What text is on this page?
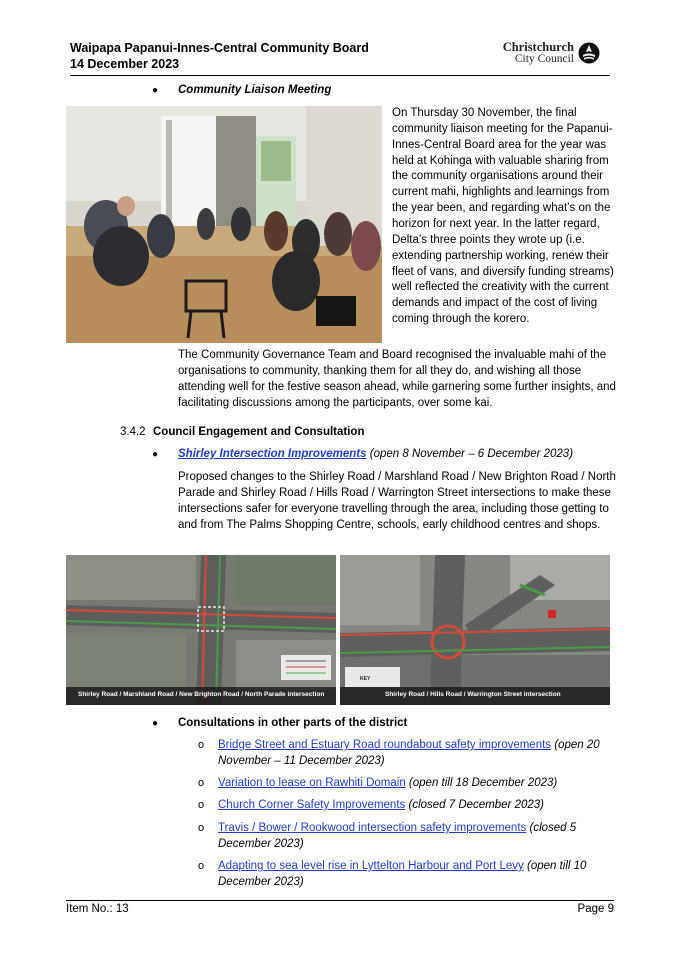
Waipapa Papanui-Innes-Central Community Board
14 December 2023
Christchurch
City Council
● Community Liaison Meeting
On Thursday 30 November, the final community liaison meeting for the Papanui-Innes-Central Board area for the year was held at Kohinga with valuable sharing from the community organisations around their current mahi, highlights and learnings from the year been, and regarding what’s on the horizon for next year. In the latter regard, Delta’s three points they wrote up (i.e. extending partnership working, renew their fleet of vans, and diversify funding streams) well reflected the creativity with the current demands and impact of the cost of living coming through the korero.
The Community Governance Team and Board recognised the invaluable mahi of the organisations to community, thanking them for all they do, and wishing all those attending well for the festive season ahead, while garnering some further insights, and facilitating discussions among the participants, over some kai.
3.4.2 Council Engagement and Consultation
● Shirley Intersection Improvements (open 8 November – 6 December 2023)
Proposed changes to the Shirley Road / Marshland Road / New Brighton Road / North Parade and Shirley Road / Hills Road / Warrington Street intersections to make these intersections safer for everyone travelling through the area, including those getting to and from The Palms Shopping Centre, schools, early childhood centres and shops.
Shirley Road / Marshland Road / New Brighton Road / North Parade intersection
KEY
Shirley Road / Hills Road / Warrington Street intersection
● Consultations in other parts of the district
o Bridge Street and Estuary Road roundabout safety improvements (open 20 November – 11 December 2023)
o Variation to lease on Rawhiti Domain (open till 18 December 2023)
o Church Corner Safety Improvements (closed 7 December 2023)
o Travis / Bower / Rookwood intersection safety improvements (closed 5 December 2023)
o Adapting to sea level rise in Lyttelton Harbour and Port Levy (open till 10 December 2023)
Item No.: 13	Page 9
